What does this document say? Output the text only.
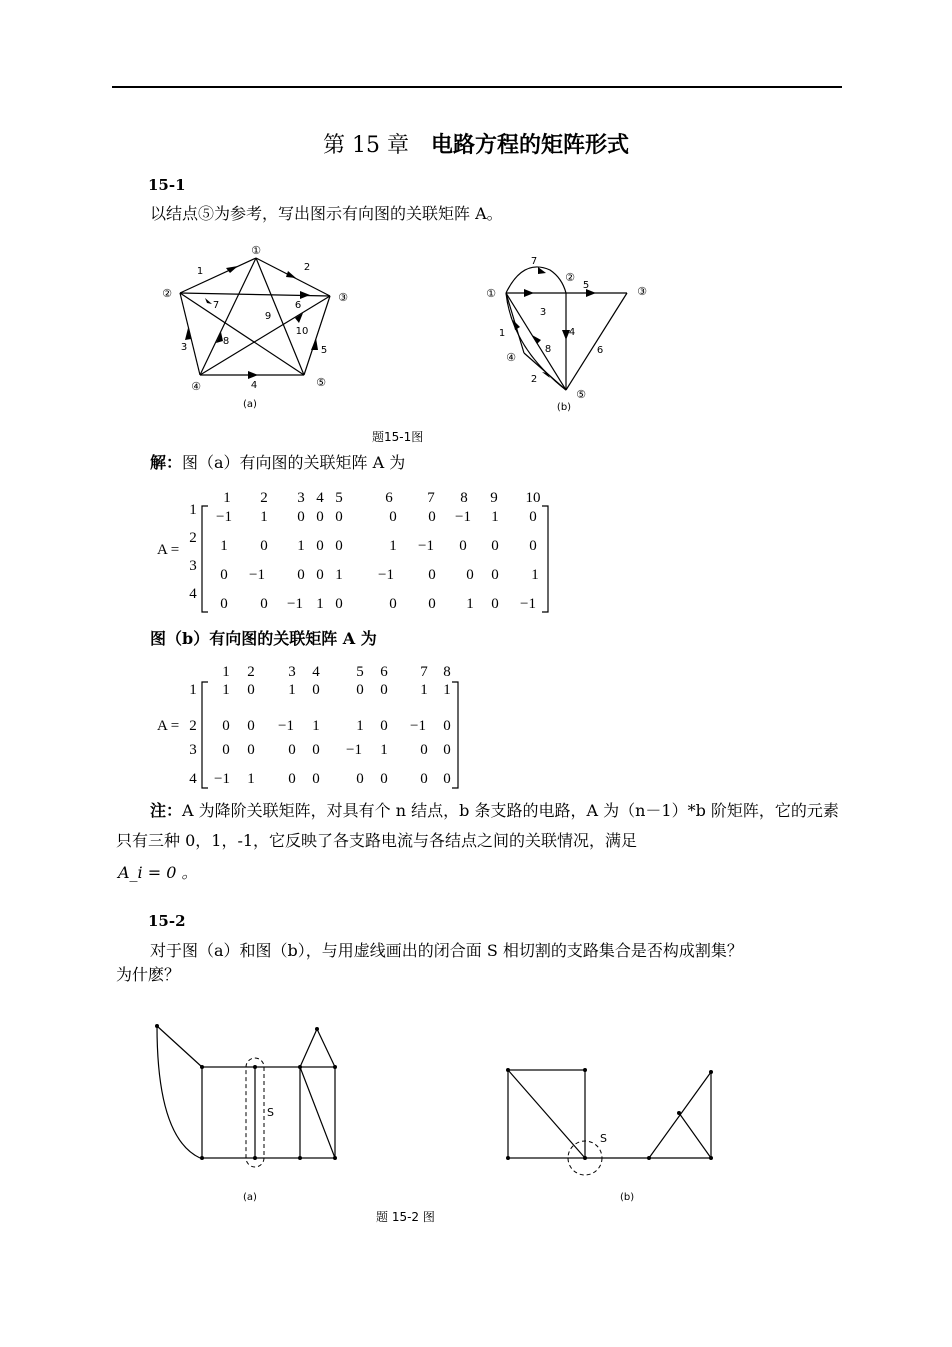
第 15 章 电路方程的矩阵形式
15-1
以结点⑤为参考，写出图示有向图的关联矩阵 A。
①
②	③
④	⑤
1	2
3
4
5
6
7
8
9
10
(a)
①
②
③
④
⑤
1
2
3
4
5
6
7
8
(b)
题15-1图
解：图（a）有向图的关联矩阵 A 为
A =
1 2 3 4 5	6 7 8 9 10
1
2
3
4
−1 1 0 0 0	0 0 −1 1 0
1 0 1 0 0	1 −1 0 0 0
0 −1 0 0 1 −1 0 0 0 1
0 0 −1 1 0	0 0 1 0 −1
图（b）有向图的关联矩阵 A 为
A =
1 2 3 4 5 6 7 8
1
2
3
4
1 0 1 0 0 0 1 1
0 0 −1 1 1 0 −1 0
0 0 0 0 −1 1 0 0
−1 1 0 0 0 0 0 0
注：A 为降阶关联矩阵，对具有个 n 结点，b 条支路的电路，A 为（n－1）*b 阶矩阵，它的元素只有三种 0，1，-1，它反映了各支路电流与各结点之间的关联情况，满足
A_i = 0 。
15-2
对于图（a）和图（b），与用虚线画出的闭合面 S 相切割的支路集合是否构成割集？
为什麽？
S
(a)
S
(b)
题 15-2 图
